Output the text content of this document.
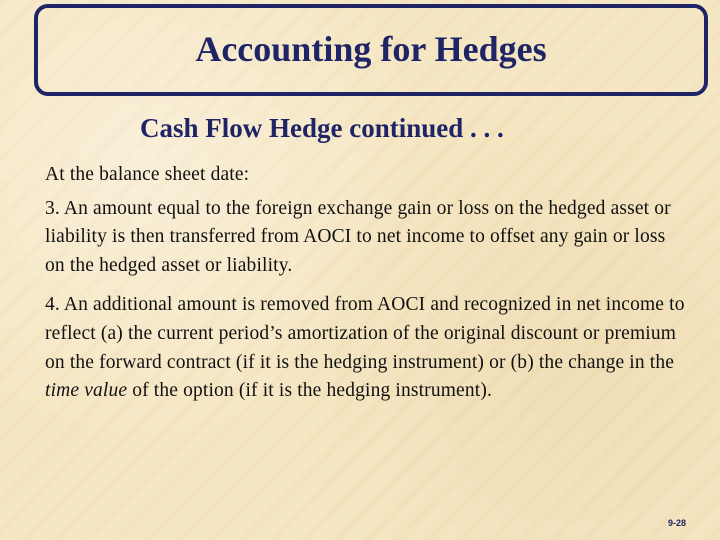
Accounting for Hedges
Cash Flow Hedge continued . . .

At the balance sheet date:

3. An amount equal to the foreign exchange gain or loss on the hedged asset or liability is then transferred from AOCI to net income to offset any gain or loss on the hedged asset or liability.

4. An additional amount is removed from AOCI and recognized in net income to reflect (a) the current period’s amortization of the original discount or premium on the forward contract (if it is the hedging instrument) or (b) the change in the time value of the option (if it is the hedging instrument).

9-28
